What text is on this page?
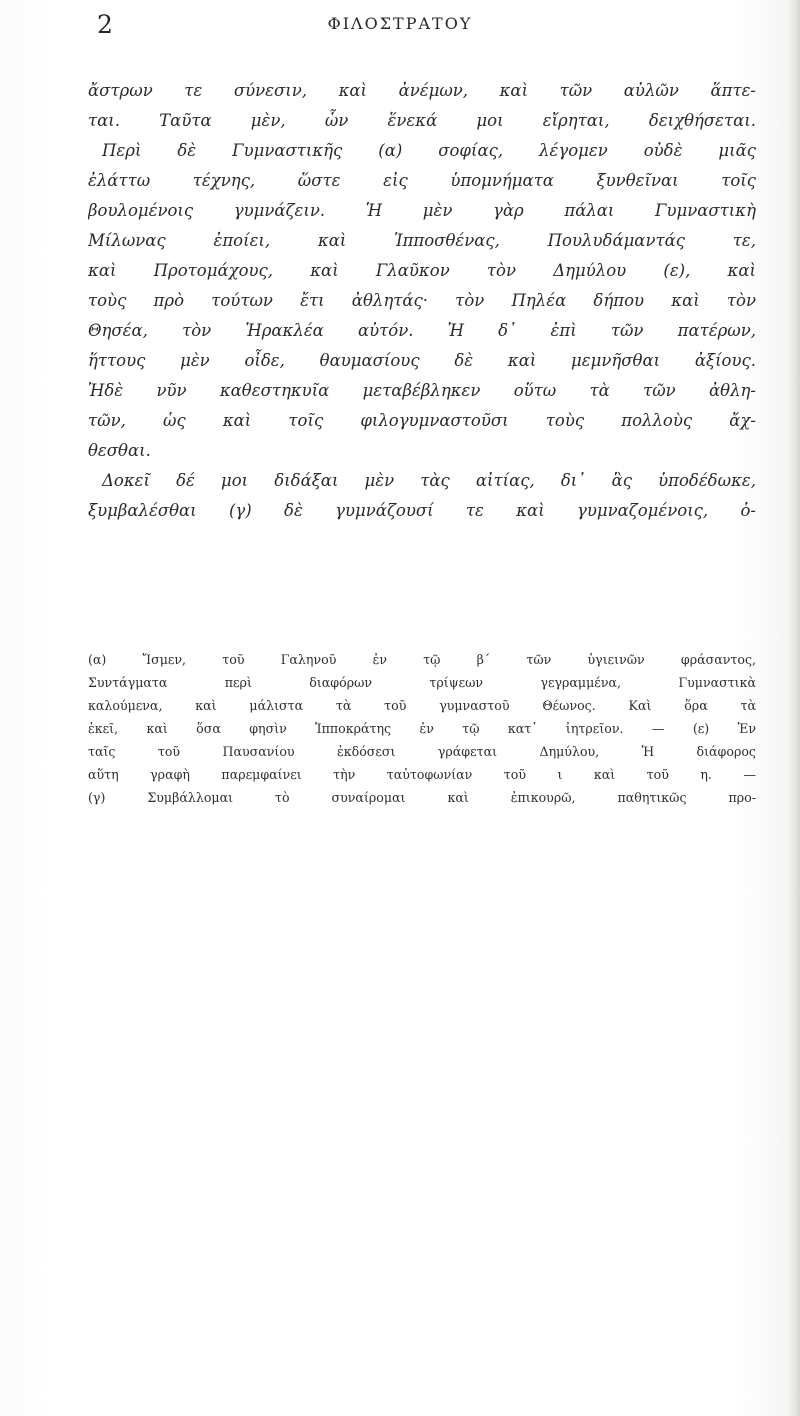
2	ΦΙΛΟΣΤΡΑΤΟΥ
ἄστρων τε σύνεσιν, καὶ ἀνέμων, καὶ τῶν αὐλῶν ἅπτε-
ται. Ταῦτα μὲν, ὧν ἕνεκά μοι εἴρηται, δειχθήσεται.
Περὶ δὲ Γυμναστικῆς (α) σοφίας, λέγομεν οὐδὲ μιᾶς
ἐλάττω τέχνης, ὥστε εἰς ὑπομνήματα ξυνθεῖναι τοῖς
βουλομένοις γυμνάζειν. Ἡ μὲν γὰρ πάλαι Γυμναστικὴ
Μίλωνας ἐποίει, καὶ Ἱπποσθένας, Πουλυδάμαντάς τε,
καὶ Προτομάχους, καὶ Γλαῦκον τὸν Δημύλου (ε), καὶ
τοὺς πρὸ τούτων ἔτι ἀθλητάς· τὸν Πηλέα δήπου καὶ τὸν
Θησέα, τὸν Ἡρακλέα αὐτόν. Ἡ δ᾽ ἐπὶ τῶν πατέρων,
ἥττους μὲν οἶδε, θαυμασίους δὲ καὶ μεμνῆσθαι ἀξίους.
Ἡδὲ νῦν καθεστηκυῖα μεταβέβληκεν οὕτω τὰ τῶν ἀθλη-
τῶν, ὡς καὶ τοῖς φιλογυμναστοῦσι τοὺς πολλοὺς ἄχ-
θεσθαι.
Δοκεῖ δέ μοι διδάξαι μὲν τὰς αἰτίας, δι᾽ ἃς ὑποδέδωκε,
ξυμβαλέσθαι (γ) δὲ γυμνάζουσί τε καὶ γυμναζομένοις, ὁ-
(α) Ἴσμεν, τοῦ Γαληνοῦ ἐν τῷ β΄ τῶν ὑγιεινῶν φράσαντος,
Συντάγματα περὶ διαφόρων τρίψεων γεγραμμένα, Γυμναστικὰ
καλούμενα, καὶ μάλιστα τὰ τοῦ γυμναστοῦ Θέωνος. Καὶ ὅρα τὰ
ἐκεῖ, καὶ ὅσα φησὶν Ἱπποκράτης ἐν τῷ κατ᾽ ἰητρεῖον. — (ε) Ἐν
ταῖς τοῦ Παυσανίου ἐκδόσεσι γράφεται Δημύλου, Ἡ διάφορος
αὕτη γραφὴ παρεμφαίνει τὴν ταὐτοφωνίαν τοῦ ι καὶ τοῦ η. —
(γ) Συμβάλλομαι τὸ συναίρομαι καὶ ἐπικουρῶ, παθητικῶς προ-
